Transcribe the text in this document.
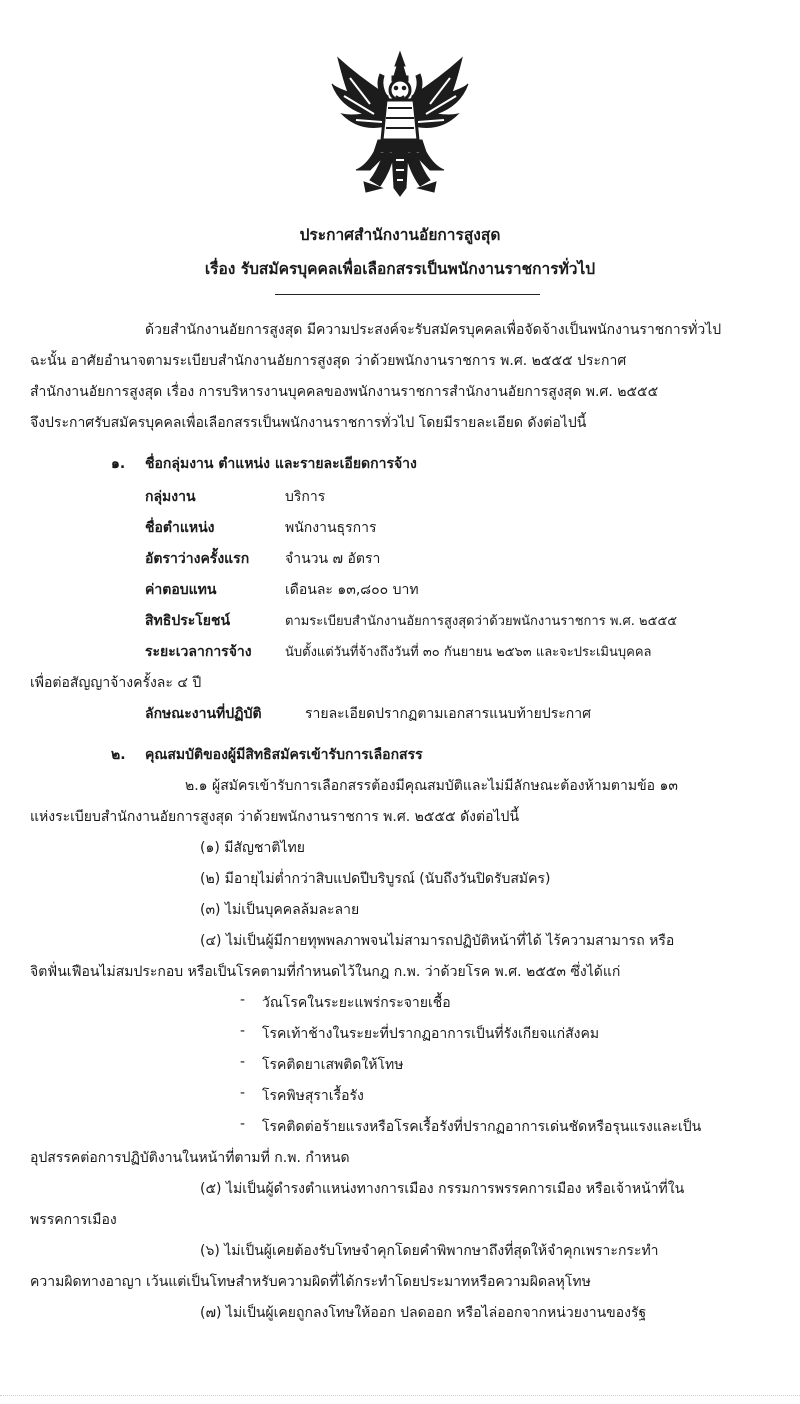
ประกาศสำนักงานอัยการสูงสุด
เรื่อง รับสมัครบุคคลเพื่อเลือกสรรเป็นพนักงานราชการทั่วไป
ด้วยสำนักงานอัยการสูงสุด มีความประสงค์จะรับสมัครบุคคลเพื่อจัดจ้างเป็นพนักงานราชการทั่วไป
ฉะนั้น อาศัยอำนาจตามระเบียบสำนักงานอัยการสูงสุด ว่าด้วยพนักงานราชการ พ.ศ. ๒๕๕๕ ประกาศ
สำนักงานอัยการสูงสุด เรื่อง การบริหารงานบุคคลของพนักงานราชการสำนักงานอัยการสูงสุด พ.ศ. ๒๕๕๕
จึงประกาศรับสมัครบุคคลเพื่อเลือกสรรเป็นพนักงานราชการทั่วไป โดยมีรายละเอียด ดังต่อไปนี้
๑. ชื่อกลุ่มงาน ตำแหน่ง และรายละเอียดการจ้าง
กลุ่มงาน	บริการ
ชื่อตำแหน่ง	พนักงานธุรการ
อัตราว่างครั้งแรก	จำนวน ๗ อัตรา
ค่าตอบแทน	เดือนละ ๑๓,๘๐๐ บาท
สิทธิประโยชน์	ตามระเบียบสำนักงานอัยการสูงสุดว่าด้วยพนักงานราชการ พ.ศ. ๒๕๕๕
ระยะเวลาการจ้าง	นับตั้งแต่วันที่จ้างถึงวันที่ ๓๐ กันยายน ๒๕๖๓ และจะประเมินบุคคล
เพื่อต่อสัญญาจ้างครั้งละ ๔ ปี
ลักษณะงานที่ปฏิบัติ	รายละเอียดปรากฏตามเอกสารแนบท้ายประกาศ
๒. คุณสมบัติของผู้มีสิทธิสมัครเข้ารับการเลือกสรร
๒.๑ ผู้สมัครเข้ารับการเลือกสรรต้องมีคุณสมบัติและไม่มีลักษณะต้องห้ามตามข้อ ๑๓
แห่งระเบียบสำนักงานอัยการสูงสุด ว่าด้วยพนักงานราชการ พ.ศ. ๒๕๕๕ ดังต่อไปนี้
(๑) มีสัญชาติไทย
(๒) มีอายุไม่ต่ำกว่าสิบแปดปีบริบูรณ์ (นับถึงวันปิดรับสมัคร)
(๓) ไม่เป็นบุคคลล้มละลาย
(๔) ไม่เป็นผู้มีกายทุพพลภาพจนไม่สามารถปฏิบัติหน้าที่ได้ ไร้ความสามารถ หรือ
จิตฟั่นเฟือนไม่สมประกอบ หรือเป็นโรคตามที่กำหนดไว้ในกฎ ก.พ. ว่าด้วยโรค พ.ศ. ๒๕๕๓ ซึ่งได้แก่
- วัณโรคในระยะแพร่กระจายเชื้อ
- โรคเท้าช้างในระยะที่ปรากฏอาการเป็นที่รังเกียจแก่สังคม
- โรคติดยาเสพติดให้โทษ
- โรคพิษสุราเรื้อรัง
- โรคติดต่อร้ายแรงหรือโรคเรื้อรังที่ปรากฏอาการเด่นชัดหรือรุนแรงและเป็น
อุปสรรคต่อการปฏิบัติงานในหน้าที่ตามที่ ก.พ. กำหนด
(๕) ไม่เป็นผู้ดำรงตำแหน่งทางการเมือง กรรมการพรรคการเมือง หรือเจ้าหน้าที่ใน
พรรคการเมือง
(๖) ไม่เป็นผู้เคยต้องรับโทษจำคุกโดยคำพิพากษาถึงที่สุดให้จำคุกเพราะกระทำ
ความผิดทางอาญา เว้นแต่เป็นโทษสำหรับความผิดที่ได้กระทำโดยประมาทหรือความผิดลหุโทษ
(๗) ไม่เป็นผู้เคยถูกลงโทษให้ออก ปลดออก หรือไล่ออกจากหน่วยงานของรัฐ
